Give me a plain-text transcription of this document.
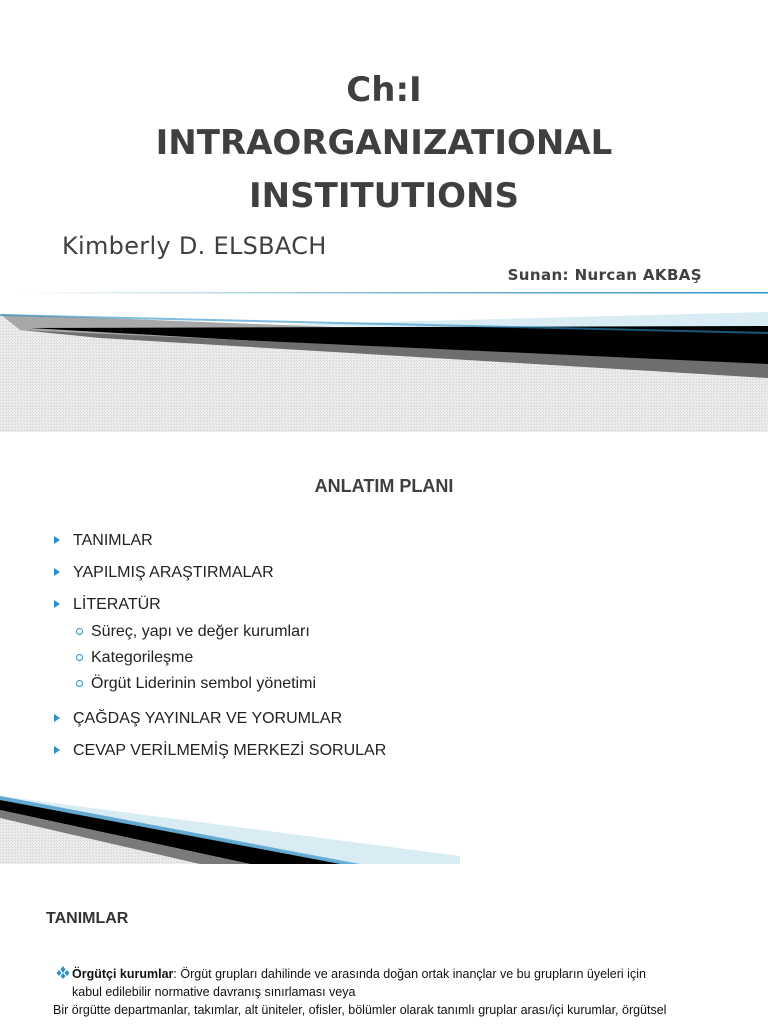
Ch:I
INTRAORGANIZATIONAL
INSTITUTIONS
Kimberly D. ELSBACH
Sunan: Nurcan AKBAŞ
ANLATIM PLANI
TANIMLAR
YAPILMIŞ ARAŞTIRMALAR
LİTERATÜR
Süreç, yapı ve değer kurumları
Kategorileşme
Örgüt Liderinin sembol yönetimi
ÇAĞDAŞ YAYINLAR VE YORUMLAR
CEVAP VERİLMEMİŞ MERKEZİ SORULAR
TANIMLAR
Örgütçi kurumlar: Örgüt grupları dahilinde ve arasında doğan ortak inançlar ve bu grupların üyeleri için
kabul edilebilir normative davranış sınırlaması veya
Bir örgütte departmanlar, takımlar, alt üniteler, ofisler, bölümler olarak tanımlı gruplar arası/içi kurumlar, örgütsel
